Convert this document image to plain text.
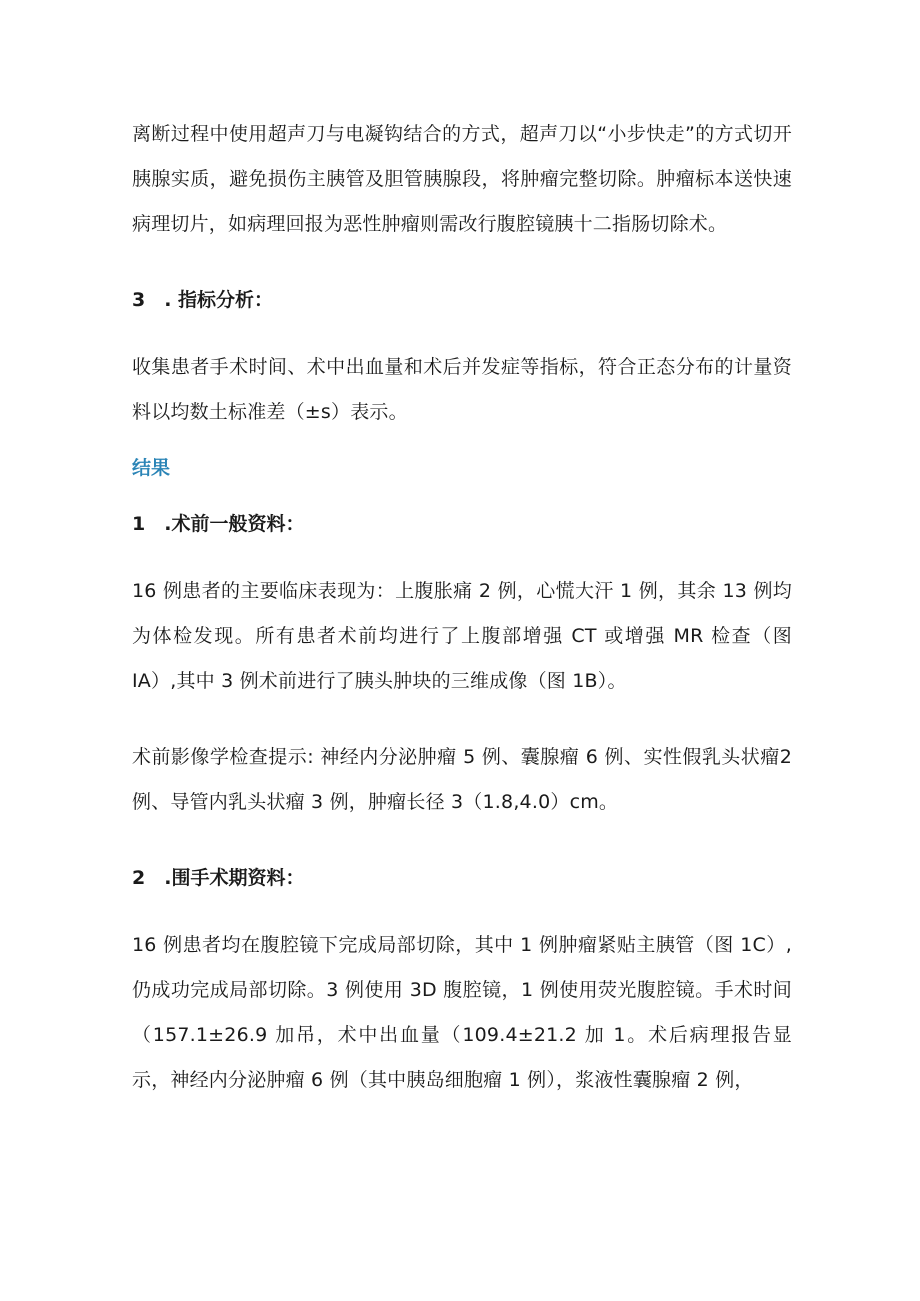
离断过程中使用超声刀与电凝钩结合的方式，超声刀以“小步快走”的方式切开胰腺实质，避免损伤主胰管及胆管胰腺段，将肿瘤完整切除。肿瘤标本送快速病理切片，如病理回报为恶性肿瘤则需改行腹腔镜胰十二指肠切除术。

3　. 指标分析：

收集患者手术时间、术中出血量和术后并发症等指标，符合正态分布的计量资料以均数土标准差（±s）表示。

结果

1　.术前一般资料：

16 例患者的主要临床表现为：上腹胀痛 2 例，心慌大汗 1 例，其余 13 例均为体检发现。所有患者术前均进行了上腹部增强 CT 或增强 MR 检查（图IA）,其中 3 例术前进行了胰头肿块的三维成像（图 1B）。

术前影像学检查提示: 神经内分泌肿瘤 5 例、囊腺瘤 6 例、实性假乳头状瘤2 例、导管内乳头状瘤 3 例，肿瘤长径 3（1.8,4.0）cm。

2　.围手术期资料：

16 例患者均在腹腔镜下完成局部切除，其中 1 例肿瘤紧贴主胰管（图 1C）,仍成功完成局部切除。3 例使用 3D 腹腔镜，1 例使用荧光腹腔镜。手术时间（157.1±26.9 加吊，术中出血量（109.4±21.2 加 1。术后病理报告显示，神经内分泌肿瘤 6 例（其中胰岛细胞瘤 1 例），浆液性囊腺瘤 2 例，
